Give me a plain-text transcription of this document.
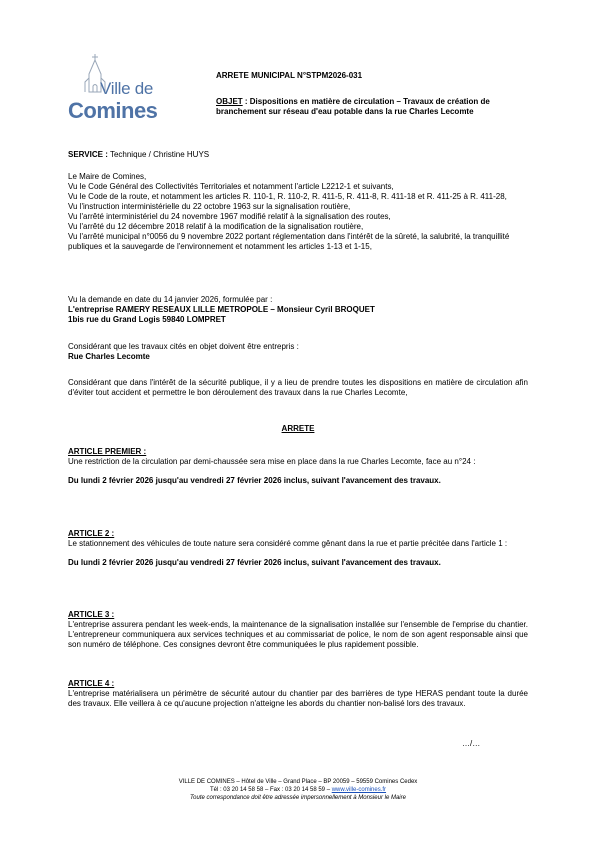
Ville de
Comines
ARRETE MUNICIPAL N°STPM2026-031
OBJET : Dispositions en matière de circulation – Travaux de création de branchement sur réseau d'eau potable dans la rue Charles Lecomte
SERVICE : Technique / Christine HUYS

Le Maire de Comines,

Vu le Code Général des Collectivités Territoriales et notamment l'article L2212-1 et suivants,

Vu le Code de la route, et notamment les articles R. 110-1, R. 110-2, R. 411-5, R. 411-8, R. 411-18 et R. 411-25 à R. 411-28,

Vu l'instruction interministérielle du 22 octobre 1963 sur la signalisation routière,

Vu l'arrêté interministériel du 24 novembre 1967 modifié relatif à la signalisation des routes,

Vu l'arrêté du 12 décembre 2018 relatif à la modification de la signalisation routière,

Vu l'arrêté municipal n°0056 du 9 novembre 2022 portant réglementation dans l'intérêt de la sûreté, la salubrité, la tranquillité publiques et la sauvegarde de l'environnement et notamment les articles 1-13 et 1-15,

Vu la demande en date du 14 janvier 2026, formulée par :

L'entreprise RAMERY RESEAUX LILLE METROPOLE – Monsieur Cyril BROQUET

1bis rue du Grand Logis 59840 LOMPRET

Considérant que les travaux cités en objet doivent être entrepris :

Rue Charles Lecomte

Considérant que dans l'intérêt de la sécurité publique, il y a lieu de prendre toutes les dispositions en matière de circulation afin d'éviter tout accident et permettre le bon déroulement des travaux dans la rue Charles Lecomte,
ARRETE

ARTICLE PREMIER :

Une restriction de la circulation par demi-chaussée sera mise en place dans la rue Charles Lecomte, face au n°24 :

Du lundi 2 février 2026 jusqu'au vendredi 27 février 2026 inclus, suivant l'avancement des travaux.

ARTICLE 2 :

Le stationnement des véhicules de toute nature sera considéré comme gênant dans la rue et partie précitée dans l'article 1 :

Du lundi 2 février 2026 jusqu'au vendredi 27 février 2026 inclus, suivant l'avancement des travaux.

ARTICLE 3 :

L'entreprise assurera pendant les week-ends, la maintenance de la signalisation installée sur l'ensemble de l'emprise du chantier. L'entrepreneur communiquera aux services techniques et au commissariat de police, le nom de son agent responsable ainsi que son numéro de téléphone. Ces consignes devront être communiquées le plus rapidement possible.

ARTICLE 4 :

L'entreprise matérialisera un périmètre de sécurité autour du chantier par des barrières de type HERAS pendant toute la durée des travaux. Elle veillera à ce qu'aucune projection n'atteigne les abords du chantier non-balisé lors des travaux.

…/…

VILLE DE COMINES – Hôtel de Ville – Grand Place – BP 20059 – 59559 Comines Cedex

Tél : 03 20 14 58 58 – Fax : 03 20 14 58 59 – www.ville-comines.fr

Toute correspondance doit être adressée impersonnellement à Monsieur le Maire
